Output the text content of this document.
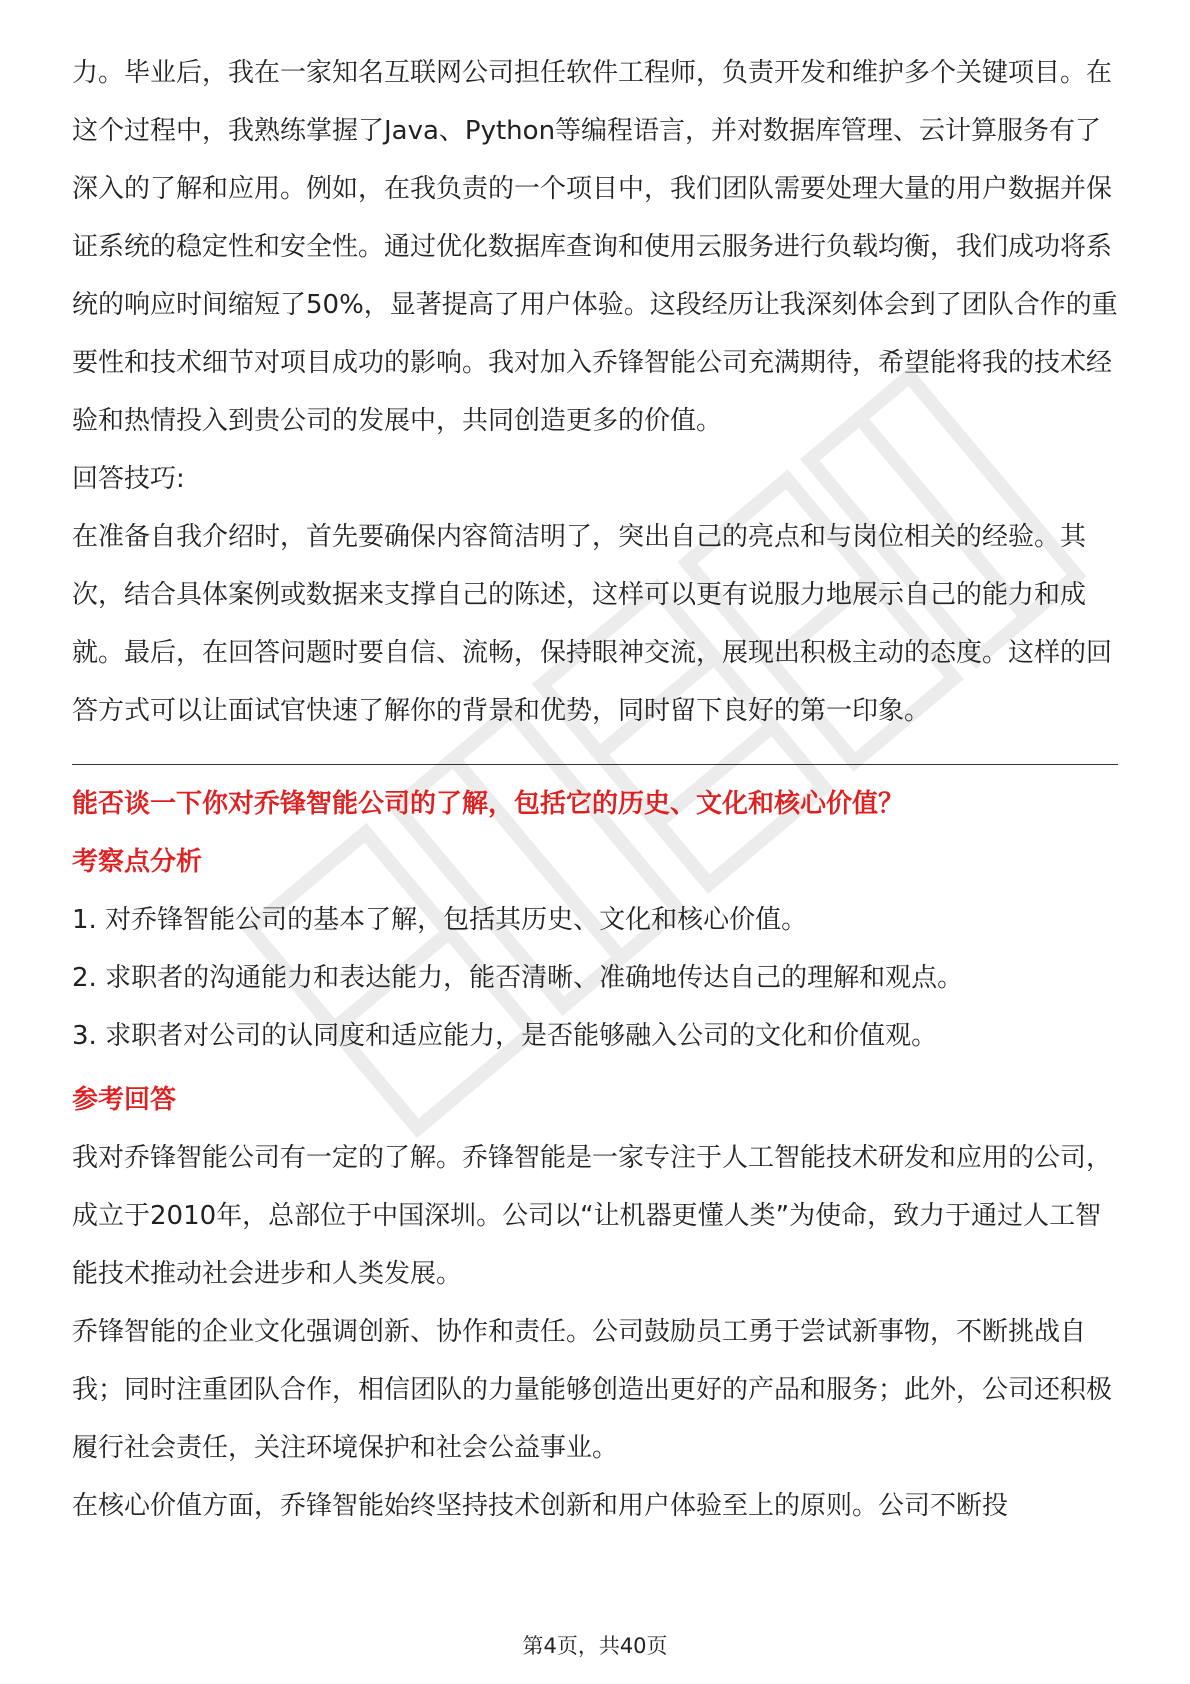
力。毕业后，我在一家知名互联网公司担任软件工程师，负责开发和维护多个关键项目。在这个过程中，我熟练掌握了Java、Python等编程语言，并对数据库管理、云计算服务有了深入的了解和应用。例如，在我负责的一个项目中，我们团队需要处理大量的用户数据并保证系统的稳定性和安全性。通过优化数据库查询和使用云服务进行负载均衡，我们成功将系统的响应时间缩短了50%，显著提高了用户体验。这段经历让我深刻体会到了团队合作的重要性和技术细节对项目成功的影响。我对加入乔锋智能公司充满期待，希望能将我的技术经验和热情投入到贵公司的发展中，共同创造更多的价值。

回答技巧:

在准备自我介绍时，首先要确保内容简洁明了，突出自己的亮点和与岗位相关的经验。其次，结合具体案例或数据来支撑自己的陈述，这样可以更有说服力地展示自己的能力和成就。最后，在回答问题时要自信、流畅，保持眼神交流，展现出积极主动的态度。这样的回答方式可以让面试官快速了解你的背景和优势，同时留下良好的第一印象。

能否谈一下你对乔锋智能公司的了解，包括它的历史、文化和核心价值？

考察点分析

1. 对乔锋智能公司的基本了解，包括其历史、文化和核心价值。

2. 求职者的沟通能力和表达能力，能否清晰、准确地传达自己的理解和观点。

3. 求职者对公司的认同度和适应能力，是否能够融入公司的文化和价值观。

参考回答

我对乔锋智能公司有一定的了解。乔锋智能是一家专注于人工智能技术研发和应用的公司，成立于2010年，总部位于中国深圳。公司以“让机器更懂人类”为使命，致力于通过人工智能技术推动社会进步和人类发展。

乔锋智能的企业文化强调创新、协作和责任。公司鼓励员工勇于尝试新事物，不断挑战自我；同时注重团队合作，相信团队的力量能够创造出更好的产品和服务；此外，公司还积极履行社会责任，关注环境保护和社会公益事业。

在核心价值方面，乔锋智能始终坚持技术创新和用户体验至上的原则。公司不断投

第4页，共40页
